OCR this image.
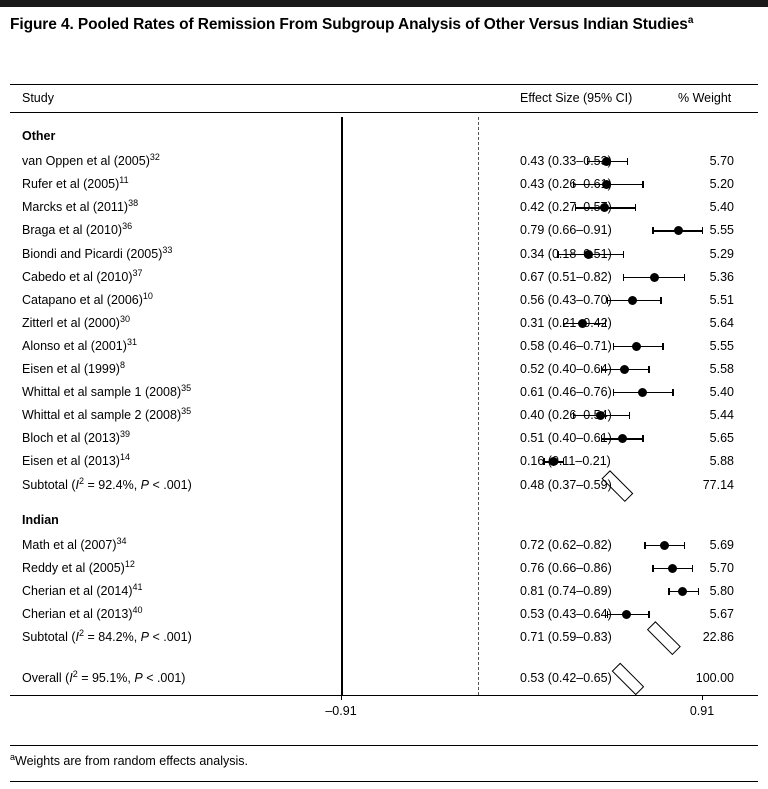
Figure 4. Pooled Rates of Remission From Subgroup Analysis of Other Versus Indian Studies$^a$
Study	Effect Size (95% CI)	% Weight
–0.91	0.91
$^a$Weights are from random effects analysis.
Other
van Oppen et al $(2005)^{32}$	0.43 (0.33–0.53)	5.70
Rufer et al $(2005)^{11}$	0.43 (0.26–0.61)	5.20
Marcks et al $(2011)^{38}$	0.42 (0.27–0.57)	5.40
Braga et al $(2010)^{36}$	0.79 (0.66–0.91)	5.55
Biondi and Picardi $(2005)^{33}$	0.34 (0.18–0.51)	5.29
Cabedo et al $(2010)^{37}$	0.67 (0.51–0.82)	5.36
Catapano et al $(2006)^{10}$	0.56 (0.43–0.70)	5.51
Zitterl et al $(2000)^{30}$	0.31 (0.21–0.42)	5.64
Alonso et al $(2001)^{31}$	0.58 (0.46–0.71)	5.55
Eisen et al $(1999)^8$	0.52 (0.40–0.64)	5.58
Whittal et al sample 1 $(2008)^{35}$	0.61 (0.46–0.76)	5.40
Whittal et al sample 2 $(2008)^{35}$	0.40 (0.26–0.54)	5.44
Bloch et al $(2013)^{39}$	0.51 (0.40–0.61)	5.65
Eisen et al $(2013)^{14}$	0.16 (0.11–0.21)	5.88
Subtotal ($I^2 = 92.4\%$, P < .001)	0.48 (0.37–0.59)	77.14
Indian
Math et al $(2007)^{34}$	0.72 (0.62–0.82)	5.69
Reddy et al $(2005)^{12}$	0.76 (0.66–0.86)	5.70
Cherian et al $(2014)^{41}$	0.81 (0.74–0.89)	5.80
Cherian et al $(2013)^{40}$	0.53 (0.43–0.64)	5.67
Subtotal ($I^2 = 84.2\%$, P < .001)	0.71 (0.59–0.83)	22.86
Overall ($I^2 = 95.1\%$, P < .001)	0.53 (0.42–0.65)	100.00
